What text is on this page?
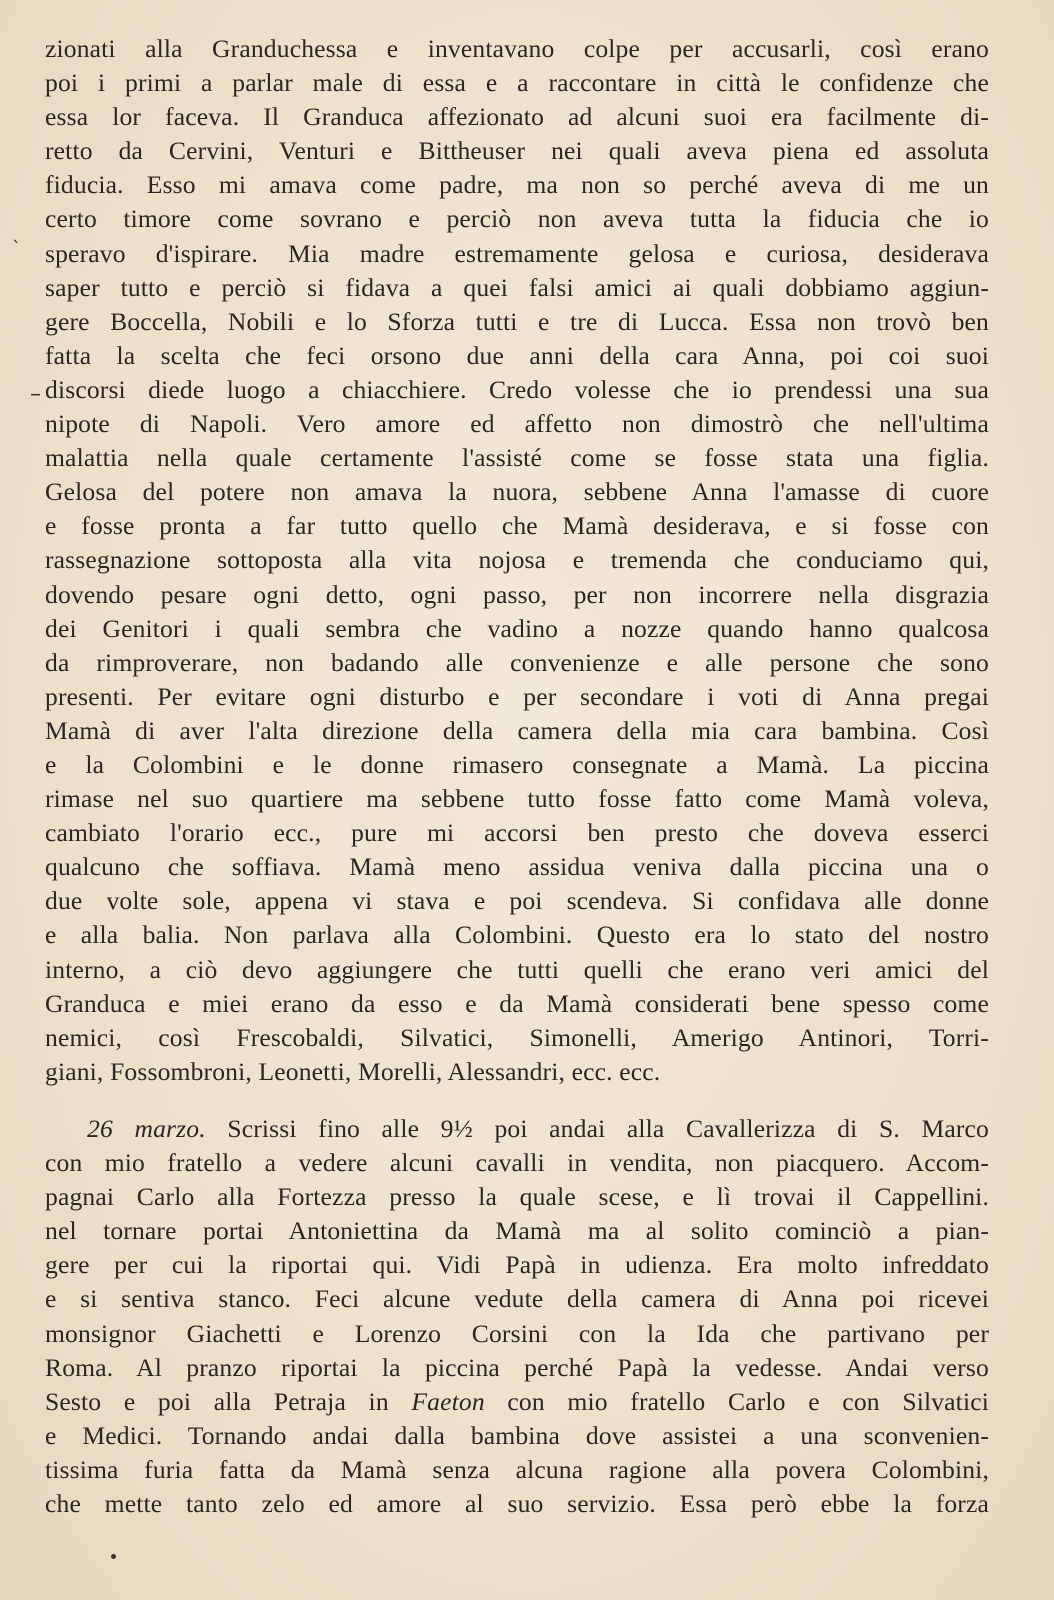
`
–
zionati alla Granduchessa e inventavano colpe per accusarli, così erano
poi i primi a parlar male di essa e a raccontare in città le confidenze che
essa lor faceva. Il Granduca affezionato ad alcuni suoi era facilmente di-
retto da Cervini, Venturi e Bittheuser nei quali aveva piena ed assoluta
fiducia. Esso mi amava come padre, ma non so perché aveva di me un
certo timore come sovrano e perciò non aveva tutta la fiducia che io
speravo d'ispirare. Mia madre estremamente gelosa e curiosa, desiderava
saper tutto e perciò si fidava a quei falsi amici ai quali dobbiamo aggiun-
gere Boccella, Nobili e lo Sforza tutti e tre di Lucca. Essa non trovò ben
fatta la scelta che feci orsono due anni della cara Anna, poi coi suoi
discorsi diede luogo a chiacchiere. Credo volesse che io prendessi una sua
nipote di Napoli. Vero amore ed affetto non dimostrò che nell'ultima
malattia nella quale certamente l'assisté come se fosse stata una figlia.
Gelosa del potere non amava la nuora, sebbene Anna l'amasse di cuore
e fosse pronta a far tutto quello che Mamà desiderava, e si fosse con
rassegnazione sottoposta alla vita nojosa e tremenda che conduciamo qui,
dovendo pesare ogni detto, ogni passo, per non incorrere nella disgrazia
dei Genitori i quali sembra che vadino a nozze quando hanno qualcosa
da rimproverare, non badando alle convenienze e alle persone che sono
presenti. Per evitare ogni disturbo e per secondare i voti di Anna pregai
Mamà di aver l'alta direzione della camera della mia cara bambina. Così
e la Colombini e le donne rimasero consegnate a Mamà. La piccina
rimase nel suo quartiere ma sebbene tutto fosse fatto come Mamà voleva,
cambiato l'orario ecc., pure mi accorsi ben presto che doveva esserci
qualcuno che soffiava. Mamà meno assidua veniva dalla piccina una o
due volte sole, appena vi stava e poi scendeva. Si confidava alle donne
e alla balia. Non parlava alla Colombini. Questo era lo stato del nostro
interno, a ciò devo aggiungere che tutti quelli che erano veri amici del
Granduca e miei erano da esso e da Mamà considerati bene spesso come
nemici, così Frescobaldi, Silvatici, Simonelli, Amerigo Antinori, Torri-
giani, Fossombroni, Leonetti, Morelli, Alessandri, ecc. ecc.
26 marzo. Scrissi fino alle 9½ poi andai alla Cavallerizza di S. Marco
con mio fratello a vedere alcuni cavalli in vendita, non piacquero. Accom-
pagnai Carlo alla Fortezza presso la quale scese, e lì trovai il Cappellini.
nel tornare portai Antoniettina da Mamà ma al solito cominciò a pian-
gere per cui la riportai qui. Vidi Papà in udienza. Era molto infreddato
e si sentiva stanco. Feci alcune vedute della camera di Anna poi ricevei
monsignor Giachetti e Lorenzo Corsini con la Ida che partivano per
Roma. Al pranzo riportai la piccina perché Papà la vedesse. Andai verso
Sesto e poi alla Petraja in Faeton con mio fratello Carlo e con Silvatici
e Medici. Tornando andai dalla bambina dove assistei a una sconvenien-
tissima furia fatta da Mamà senza alcuna ragione alla povera Colombini,
che mette tanto zelo ed amore al suo servizio. Essa però ebbe la forza
